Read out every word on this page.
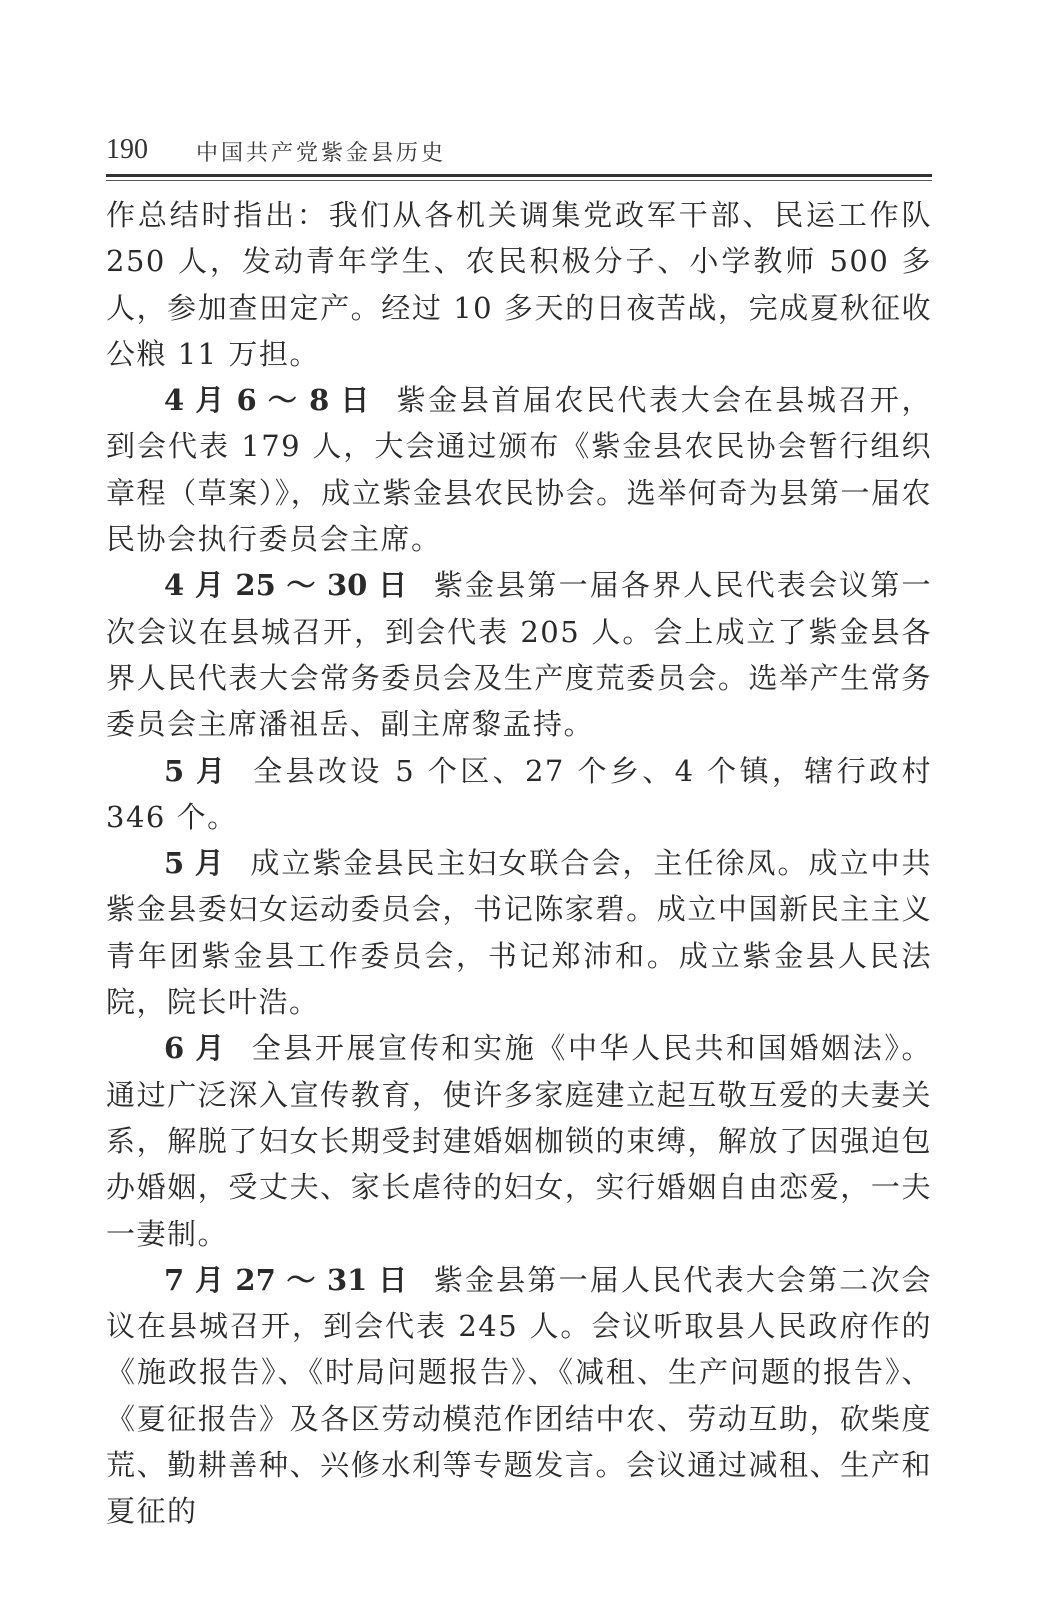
190 中国共产党紫金县历史

作总结时指出：我们从各机关调集党政军干部、民运工作队250 人，发动青年学生、农民积极分子、小学教师 500 多人，参加查田定产。经过 10 多天的日夜苦战，完成夏秋征收公粮 11 万担。

4 月 6 ～ 8 日 紫金县首届农民代表大会在县城召开，到会代表 179 人，大会通过颁布《紫金县农民协会暂行组织章程（草案）》，成立紫金县农民协会。选举何奇为县第一届农民协会执行委员会主席。

4 月 25 ～ 30 日 紫金县第一届各界人民代表会议第一次会议在县城召开，到会代表 205 人。会上成立了紫金县各界人民代表大会常务委员会及生产度荒委员会。选举产生常务委员会主席潘祖岳、副主席黎孟持。

5 月 全县改设 5 个区、27 个乡、4 个镇，辖行政村 346 个。

5 月 成立紫金县民主妇女联合会，主任徐凤。成立中共紫金县委妇女运动委员会，书记陈家碧。成立中国新民主主义青年团紫金县工作委员会，书记郑沛和。成立紫金县人民法院，院长叶浩。

6 月 全县开展宣传和实施《中华人民共和国婚姻法》。通过广泛深入宣传教育，使许多家庭建立起互敬互爱的夫妻关系，解脱了妇女长期受封建婚姻枷锁的束缚，解放了因强迫包办婚姻，受丈夫、家长虐待的妇女，实行婚姻自由恋爱，一夫一妻制。

7 月 27 ～ 31 日 紫金县第一届人民代表大会第二次会议在县城召开，到会代表 245 人。会议听取县人民政府作的《施政报告》、《时局问题报告》、《减租、生产问题的报告》、《夏征报告》及各区劳动模范作团结中农、劳动互助，砍柴度荒、勤耕善种、兴修水利等专题发言。会议通过减租、生产和夏征的
